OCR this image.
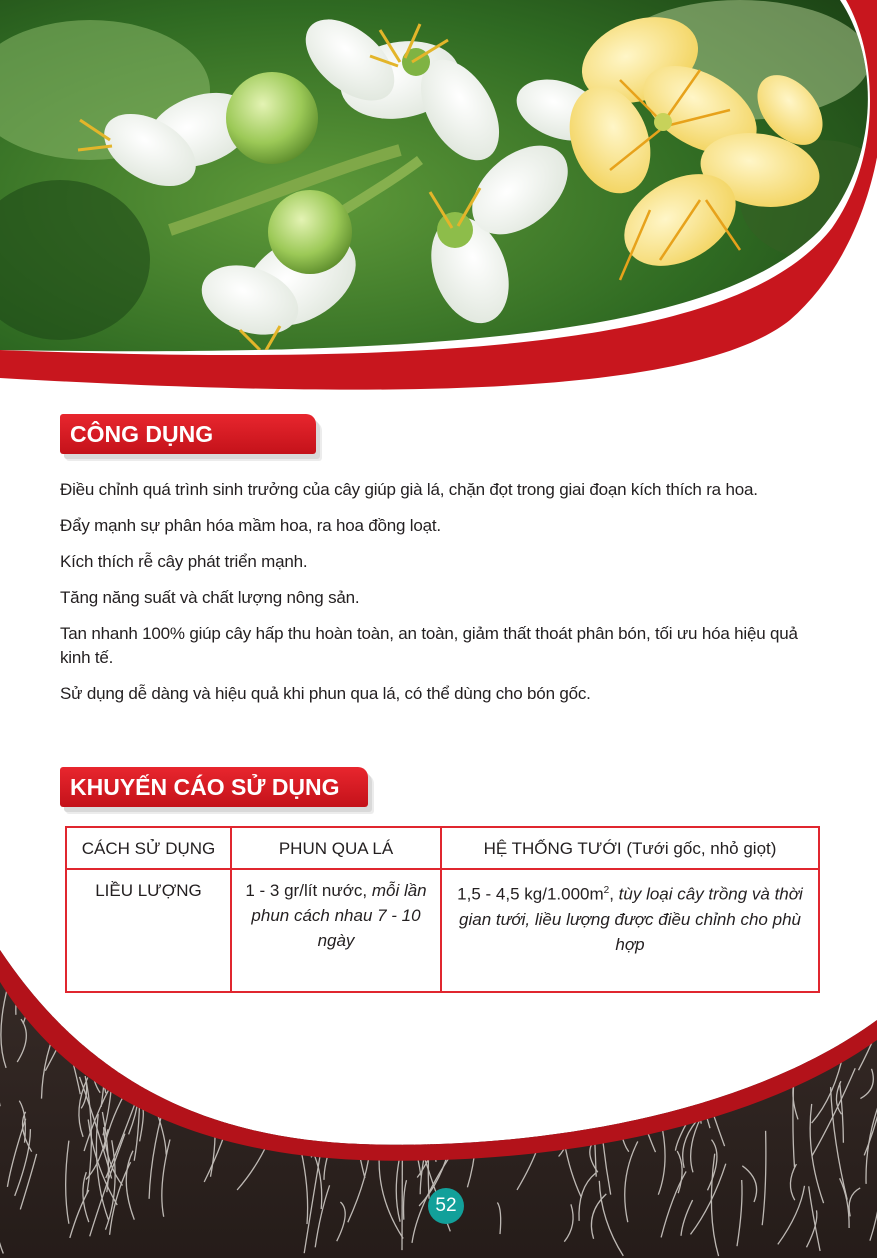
CÔNG DỤNG
Điều chỉnh quá trình sinh trưởng của cây giúp già lá, chặn đọt trong giai đoạn kích thích ra hoa.
Đẩy mạnh sự phân hóa mầm hoa, ra hoa đồng loạt.
Kích thích rễ cây phát triển mạnh.
Tăng năng suất và chất lượng nông sản.
Tan nhanh 100% giúp cây hấp thu hoàn toàn, an toàn, giảm thất thoát phân bón, tối ưu hóa hiệu quả kinh tế.
Sử dụng dễ dàng và hiệu quả khi phun qua lá, có thể dùng cho bón gốc.
KHUYẾN CÁO SỬ DỤNG
CÁCH SỬ DỤNG	PHUN QUA LÁ	HỆ THỐNG TƯỚI (Tưới gốc, nhỏ giọt)
LIỀU LƯỢNG	1 - 3 gr/lít nước, mỗi lần phun cách nhau 7 - 10 ngày	1,5 - 4,5 $kg/1.000m^2$, tùy loại cây trồng và thời gian tưới, liều lượng được điều chỉnh cho phù hợp
52
